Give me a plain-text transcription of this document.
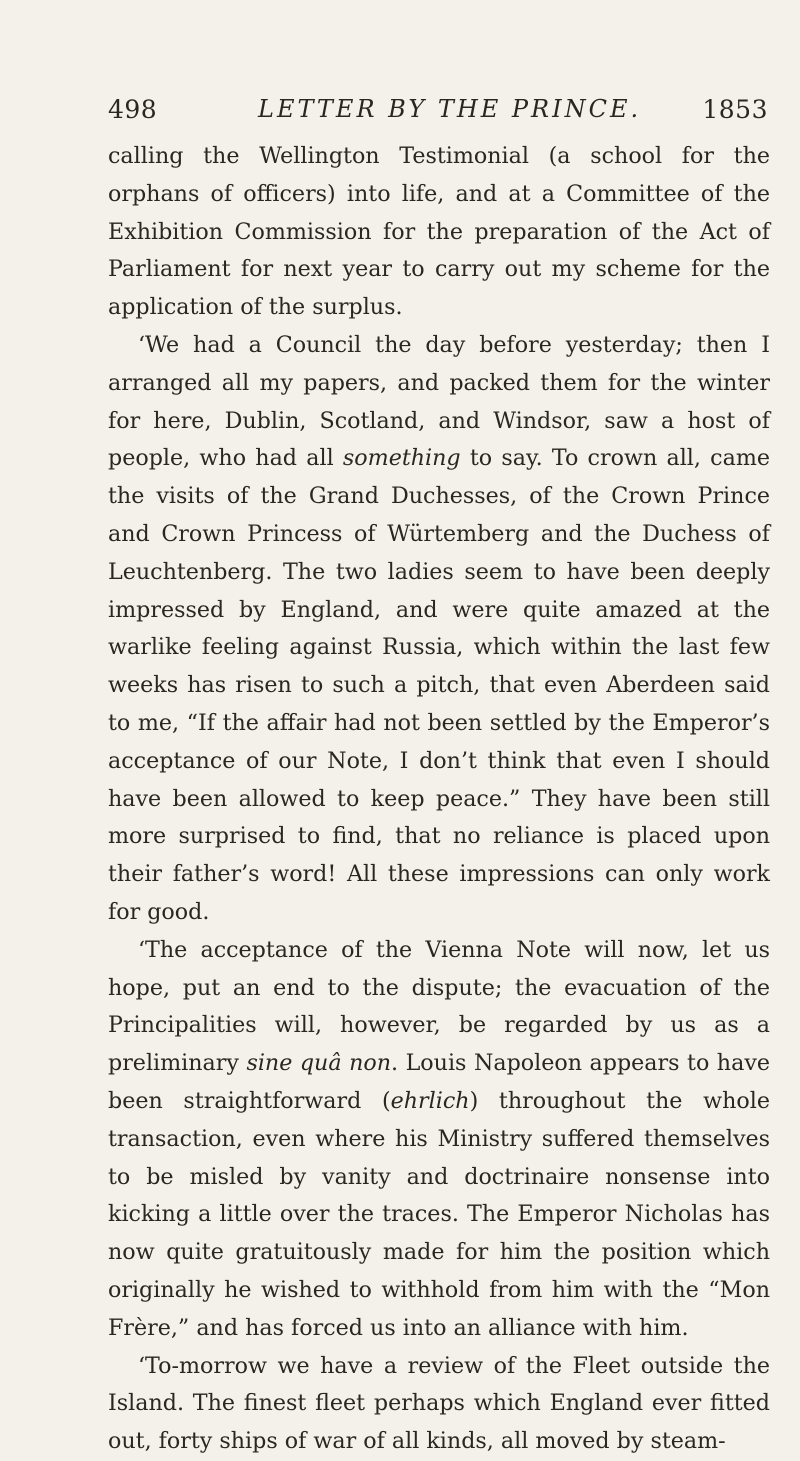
498	LETTER BY THE PRINCE. 1853

calling the Wellington Testimonial (a school for the orphans of officers) into life, and at a Committee of the Exhibition Commission for the preparation of the Act of Parliament for next year to carry out my scheme for the application of the surplus.

‘We had a Council the day before yesterday; then I arranged all my papers, and packed them for the winter for here, Dublin, Scotland, and Windsor, saw a host of people, who had all something to say. To crown all, came the visits of the Grand Duchesses, of the Crown Prince and Crown Princess of Würtemberg and the Duchess of Leuchtenberg. The two ladies seem to have been deeply impressed by England, and were quite amazed at the warlike feeling against Russia, which within the last few weeks has risen to such a pitch, that even Aberdeen said to me, “If the affair had not been settled by the Emperor’s acceptance of our Note, I don’t think that even I should have been allowed to keep peace.” They have been still more surprised to find, that no reliance is placed upon their father’s word! All these impressions can only work for good.

‘The acceptance of the Vienna Note will now, let us hope, put an end to the dispute; the evacuation of the Principalities will, however, be regarded by us as a preliminary sine quâ non. Louis Napoleon appears to have been straightforward (ehrlich) throughout the whole transaction, even where his Ministry suffered themselves to be misled by vanity and doctrinaire nonsense into kicking a little over the traces. The Emperor Nicholas has now quite gratuitously made for him the position which originally he wished to withhold from him with the “Mon Frère,” and has forced us into an alliance with him.

‘To-morrow we have a review of the Fleet outside the Island. The finest fleet perhaps which England ever fitted out, forty ships of war of all kinds, all moved by steam-
